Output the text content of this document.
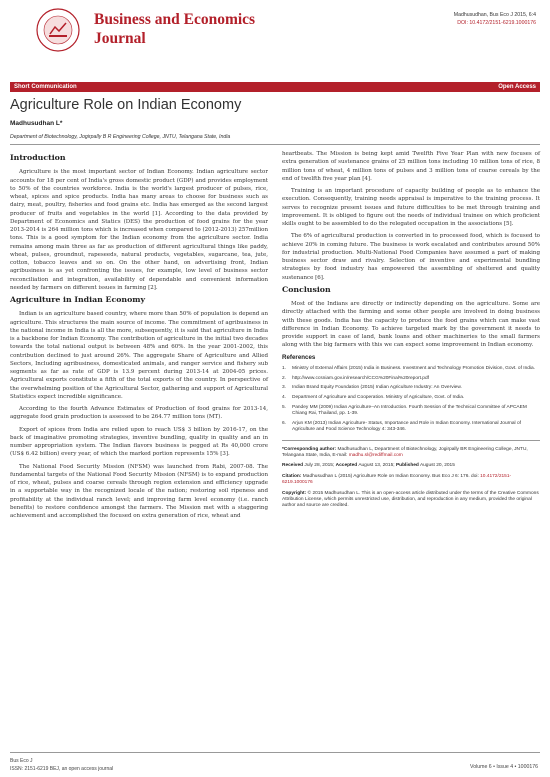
Business and Economics
Journal
Madhusudhan, Bus Eco J 2015, 6:4
DOI: 10.4172/2151-6219.1000176
Short Communication	Open Access
Agriculture Role on Indian Economy
Madhusudhan L*
Department of Biotechnology, Jogirpally B R Engineering College, JNTU, Telangana State, India
Introduction

Agriculture is the most important sector of Indian Economy. Indian agriculture sector accounts for 18 per cent of India's gross domestic product (GDP) and provides employment to 50% of the countries workforce. India is the world's largest producer of pulses, rice, wheat, spices and spice products. India has many areas to choose for business such as dairy, meat, poultry, fisheries and food grains etc. India has emerged as the second largest producer of fruits and vegetables in the world [1]. According to the data provided by Department of Economics and Statics (DES) the production of food grains for the year 2013-2014 is 264 million tons which is increased when compared to (2012-2013) 257million tons. This is a good symptom for the Indian economy from the agriculture sector. India remains among main three as far as production of different agricultural things like paddy, wheat, pulses, groundnut, rapeseeds, natural products, vegetables, sugarcane, tea, jute, cotton, tobacco leaves and so on. On the other hand, on advertising front, Indian agribusiness is as yet confronting the issues, for example, low level of business sector reconciliation and integration, availability of dependable and convenient information needed by farmers on different issues in farming [2].

Agriculture in Indian Economy

Indian is an agriculture based country, where more than 50% of population is depend an agriculture. This structures the main source of income. The commitment of agribusiness in the national income in India is all the more, subsequently, it is said that agriculture in India is a backbone for Indian Economy. The contribution of agriculture in the initial two decades towards the total national output is between 48% and 60%. In the year 2001-2002, this contribution declined to just around 26%. The aggregate Share of Agriculture and Allied Sectors, Including agribusiness, domesticated animals, and ranger service and fishery sub segments as far as rate of GDP is 13.9 percent during 2013-14 at 2004-05 prices. Agricultural exports constitute a fifth of the total exports of the country. In perspective of the overwhelming position of the Agricultural Sector, gathering and support of Agricultural Statistics expect incredible significance.

According to the fourth Advance Estimates of Production of food grains for 2013-14, aggregate food grain production is assessed to be 264.77 million tons (MT).

Export of spices from India are relied upon to reach US$ 3 billion by 2016-17, on the back of imaginative promoting strategies, inventive bundling, quality in quality and an in number appropriation system. The Indian flavors business is pegged at Rs 40,000 crore (US$ 6.42 billion) every year, of which the marked portion represents 15% [3].

The National Food Security Mission (NFSM) was launched from Rabi, 2007-08. The fundamental targets of the National Food Security Mission (NFSM) is to expand production of rice, wheat, pulses and coarse cereals through region extension and efficiency upgrade in a supportable way in the recognized locale of the nation; restoring soil ripeness and profitability at the individual ranch level; and improving farm level economy (i.e. ranch benefits) to restore confidence amongst the farmers. The Mission met with a staggering achievement and accomplished the focused on extra generation of rice, wheat and

heartbeats. The Mission is being kept amid Twelfth Five Year Plan with new focuses of extra generation of sustenance grains of 25 million tons including 10 million tons of rice, 8 million tons of wheat, 4 million tons of pulses and 3 million tons of coarse cereals by the end of twelfth five year plan [4].

Training is an important procedure of capacity building of people as to enhance the execution. Consequently, training needs appraisal is imperative to the training process. It serves to recognize present issues and future difficulties to be met through training and improvement. It is obliged to figure out the needs of individual trainee on which proficient skills ought to be assembled to do the relegated occupation in the associations [5].

The 6% of agricultural production is converted in to processed food, which is focused to achieve 20% in coming future. The business is work escalated and contributes around 50% for industrial production. Multi-National Food Companies have assumed a part of making business sector draw and rivalry. Selection of inventive and experimental bundling strategies by food industry has empowered the assembling of sheltered and quality sustenance [6].

Conclusion

Most of the Indians are directly or indirectly depending on the agriculture. Some are directly attached with the farming and some other people are involved in doing business with these goods. India has the capacity to produce the food grains which can make vast difference in Indian Economy. To achieve targeted mark by the government it needs to provide support in case of land, bank loans and other machineries to the small farmers along with the big farmers with this we can expect some improvement in Indian economy.

References
1.	Ministry of External Affairs (2015) India in Business. Investment and Technology Promotion Division, Govt. of India.
2.	http://www.ccsniam.gov.in/research/CCG%20Final%20report.pdf
3.	Indian Brand Equity Foundation (2015) Indian Agriculture Industry: An Overview.
4.	Department of Agriculture and Cooperation. Ministry of Agriculture, Govt. of India.
5.	Pandey MM (2009) Indian Agriculture–An Introduction. Fourth Session of the Technical Committee of APCAEM Chiang Rai, Thailand, pp. 1-39.
6.	Arjun KM (2013) Indian Agriculture- Status, Importance and Role in Indian Economy. International Journal of Agriculture and Food Science Technology 4: 343-346.
*Corresponding author: Madhusudhan L, Department of Biotechnology, Jogirpally BR Engineering College, JNTU, Telangana State, India, E-mail: madhu.sl@rediffmail.com
Received July 28, 2015; Accepted August 13, 2015; Published August 20, 2015
Citation: Madhusudhan L (2015) Agriculture Role on Indian Economy. Bus Eco J 6: 176. doi: 10.4172/2151-6219.1000176
Copyright: © 2015 Madhusudhan L. This is an open-access article distributed under the terms of the Creative Commons Attribution License, which permits unrestricted use, distribution, and reproduction in any medium, provided the original author and source are credited.
Bus Eco J
ISSN: 2151-6219 BEJ, an open access journal	Volume 6 • Issue 4 • 1000176
